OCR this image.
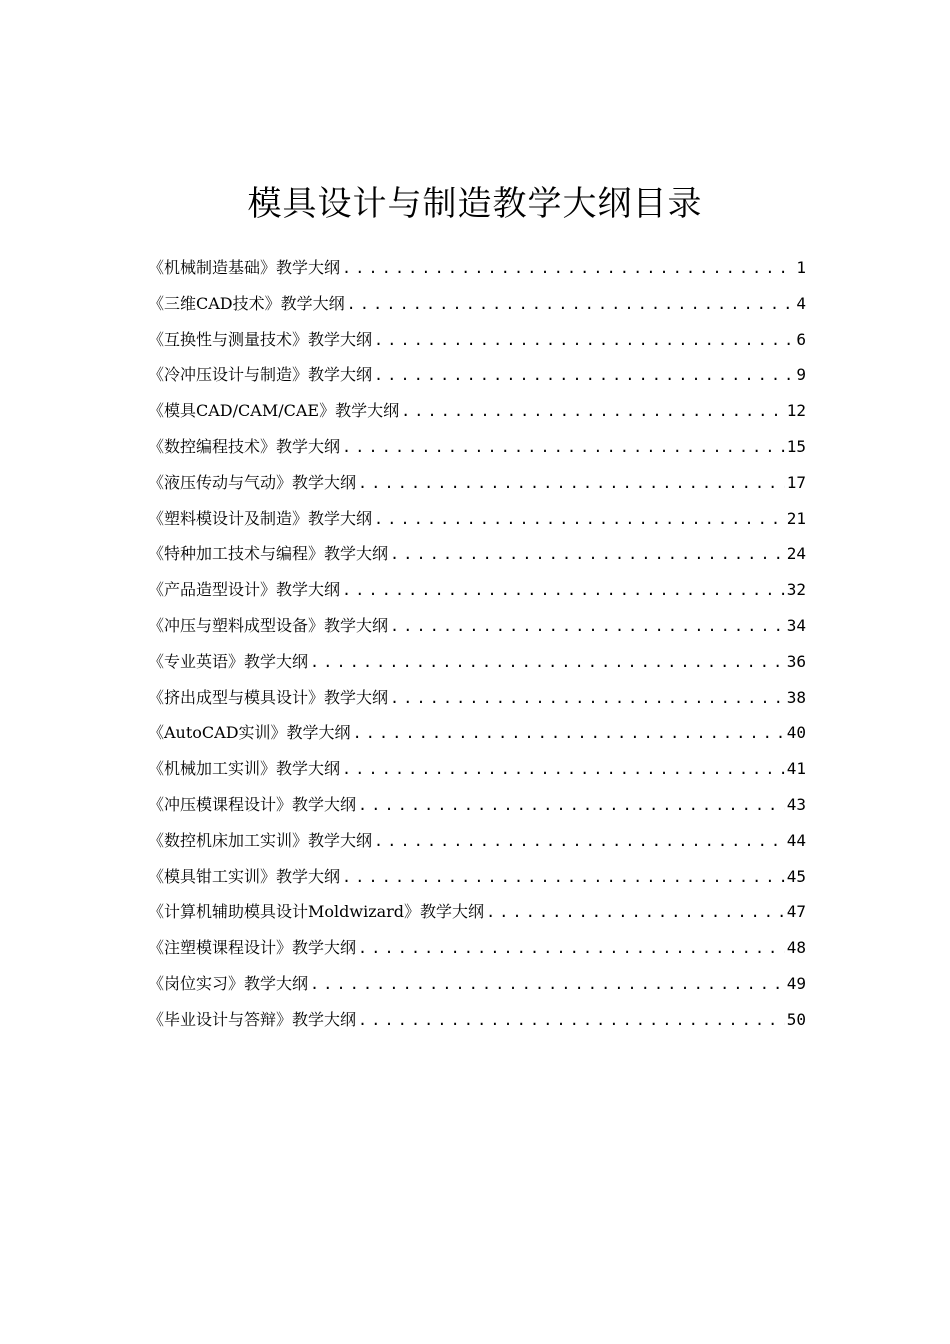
模具设计与制造教学大纲目录
《机械制造基础》教学大纲 .....	1
《三维CAD技术》教学大纲 .....	4
《互换性与测量技术》教学大纲 .....	6
《冷冲压设计与制造》教学大纲 .....	9
《模具CAD/CAM/CAE》教学大纲 .....	12
《数控编程技术》教学大纲 .....	15
《液压传动与气动》教学大纲 .....	17
《塑料模设计及制造》教学大纲 .....	21
《特种加工技术与编程》教学大纲 .....	24
《产品造型设计》教学大纲 .....	32
《冲压与塑料成型设备》教学大纲 .....	34
《专业英语》教学大纲 .....	36
《挤出成型与模具设计》教学大纲 .....	38
《AutoCAD实训》教学大纲 .....	40
《机械加工实训》教学大纲 .....	41
《冲压模课程设计》教学大纲 .....	43
《数控机床加工实训》教学大纲 .....	44
《模具钳工实训》教学大纲 .....	45
《计算机辅助模具设计Moldwizard》教学大纲 .....	47
《注塑模课程设计》教学大纲 .....	48
《岗位实习》教学大纲 .....	49
《毕业设计与答辩》教学大纲 .....	50
